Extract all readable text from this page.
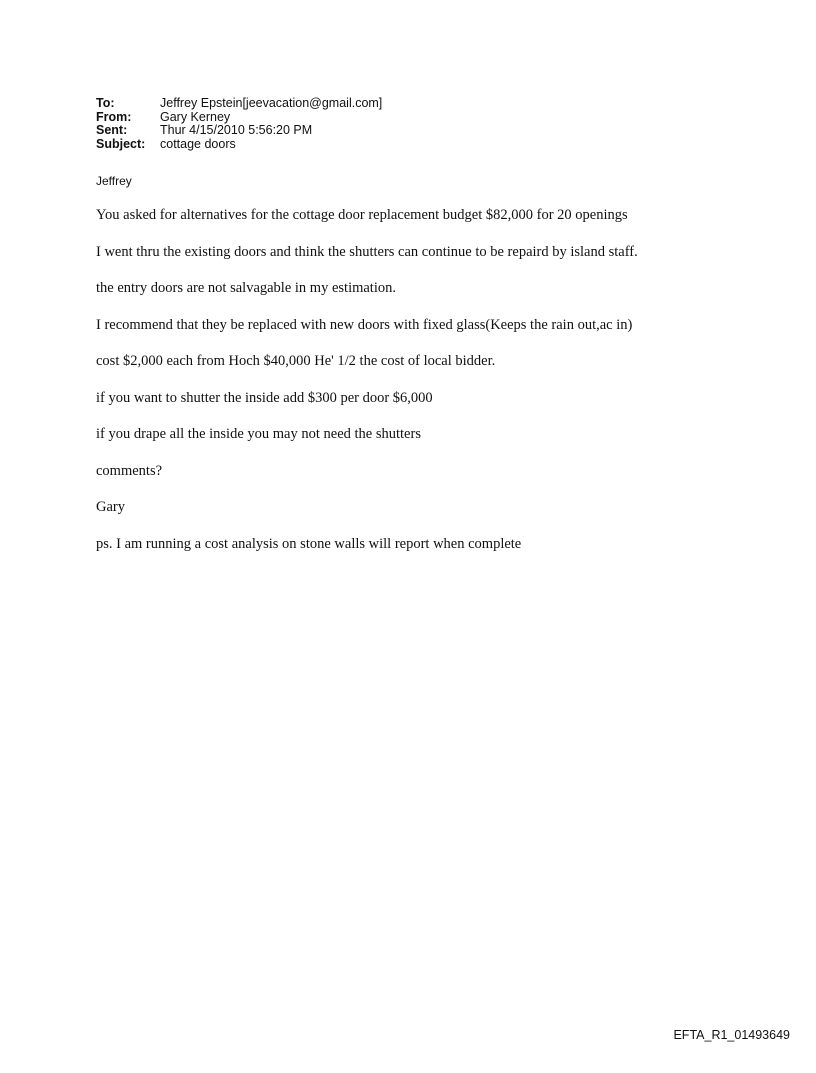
To:	Jeffrey Epstein[jeevacation@gmail.com]
From:	Gary Kerney
Sent:	Thur 4/15/2010 5:56:20 PM
Subject:	cottage doors
Jeffrey

You asked for alternatives for the cottage door replacement budget $82,000 for 20 openings

I went thru the existing doors and think the shutters can continue to be repaird by island staff.

the entry doors are not salvagable in my estimation.

I recommend that they be replaced with new doors with fixed glass(Keeps the rain out,ac in)

cost $2,000 each from Hoch $40,000 He' 1/2 the cost of local bidder.

if you want to shutter the inside add $300 per door $6,000

if you drape all the inside you may not need the shutters

comments?

Gary

ps. I am running a cost analysis on stone walls will report when complete

EFTA_R1_01493649
